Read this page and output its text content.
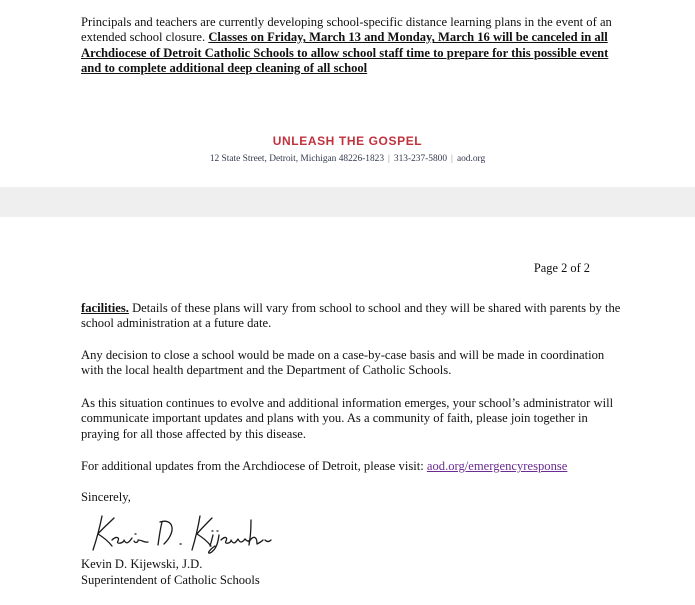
Principals and teachers are currently developing school-specific distance learning plans in the event of an extended school closure. Classes on Friday, March 13 and Monday, March 16 will be canceled in all Archdiocese of Detroit Catholic Schools to allow school staff time to prepare for this possible event and to complete additional deep cleaning of all school

UNLEASH THE GOSPEL
12 State Street, Detroit, Michigan 48226-1823 | 313-237-5800 | aod.org
Page 2 of 2

facilities. Details of these plans will vary from school to school and they will be shared with parents by the school administration at a future date.

Any decision to close a school would be made on a case-by-case basis and will be made in coordination with the local health department and the Department of Catholic Schools.

As this situation continues to evolve and additional information emerges, your school’s administrator will communicate important updates and plans with you. As a community of faith, please join together in praying for all those affected by this disease.

For additional updates from the Archdiocese of Detroit, please visit: aod.org/emergencyresponse

Sincerely,

Kevin D. Kijewski, J.D.

Superintendent of Catholic Schools
